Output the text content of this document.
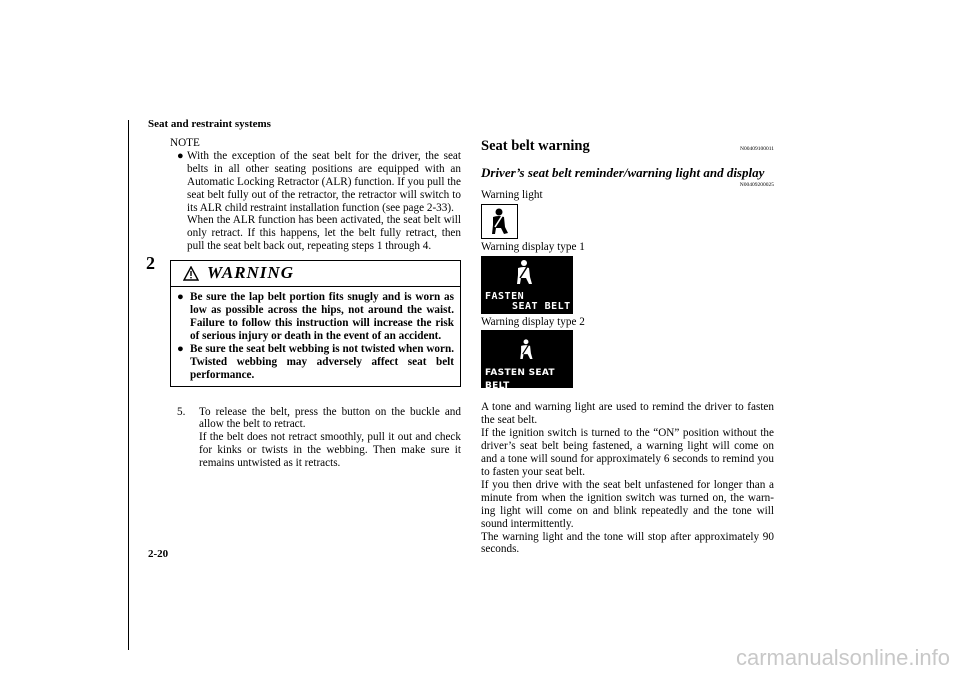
Seat and restraint systems
2
2-20
NOTE
● With the exception of the seat belt for the driver, the seat belts in all other seating positions are equipped with an Automatic Locking Retractor (ALR) function. If you pull the seat belt fully out of the retractor, the retractor will switch to its ALR child restraint installation function (see page 2-33).

When the ALR function has been activated, the seat belt will only retract. If this happens, let the belt fully retract, then pull the seat belt back out, repeating steps 1 through 4.

WARNING
● Be sure the lap belt portion fits snugly and is worn as low as possible across the hips, not around the waist. Failure to follow this instruction will increase the risk of serious injury or death in the event of an accident.
● Be sure the seat belt webbing is not twisted when worn. Twisted webbing may adversely affect seat belt performance.
5.	To release the belt, press the button on the buckle and allow the belt to retract.

If the belt does not retract smoothly, pull it out and check for kinks or twists in the webbing. Then make sure it remains untwisted as it retracts.

Seat belt warning	N00409100011
Driver’s seat belt reminder/warning light and display
N00409200025
Warning light
Warning display type 1
FASTEN
SEAT BELT
Warning display type 2
FASTEN SEAT BELT

A tone and warning light are used to remind the driver to fasten the seat belt.

If the ignition switch is turned to the “ON” position without the driver’s seat belt being fastened, a warning light will come on and a tone will sound for approximately 6 seconds to remind you to fasten your seat belt.

If you then drive with the seat belt unfastened for longer than a minute from when the ignition switch was turned on, the warn- ing light will come on and blink repeatedly and the tone will sound intermittently.

The warning light and the tone will stop after approximately 90 seconds.

carmanualsonline.info
